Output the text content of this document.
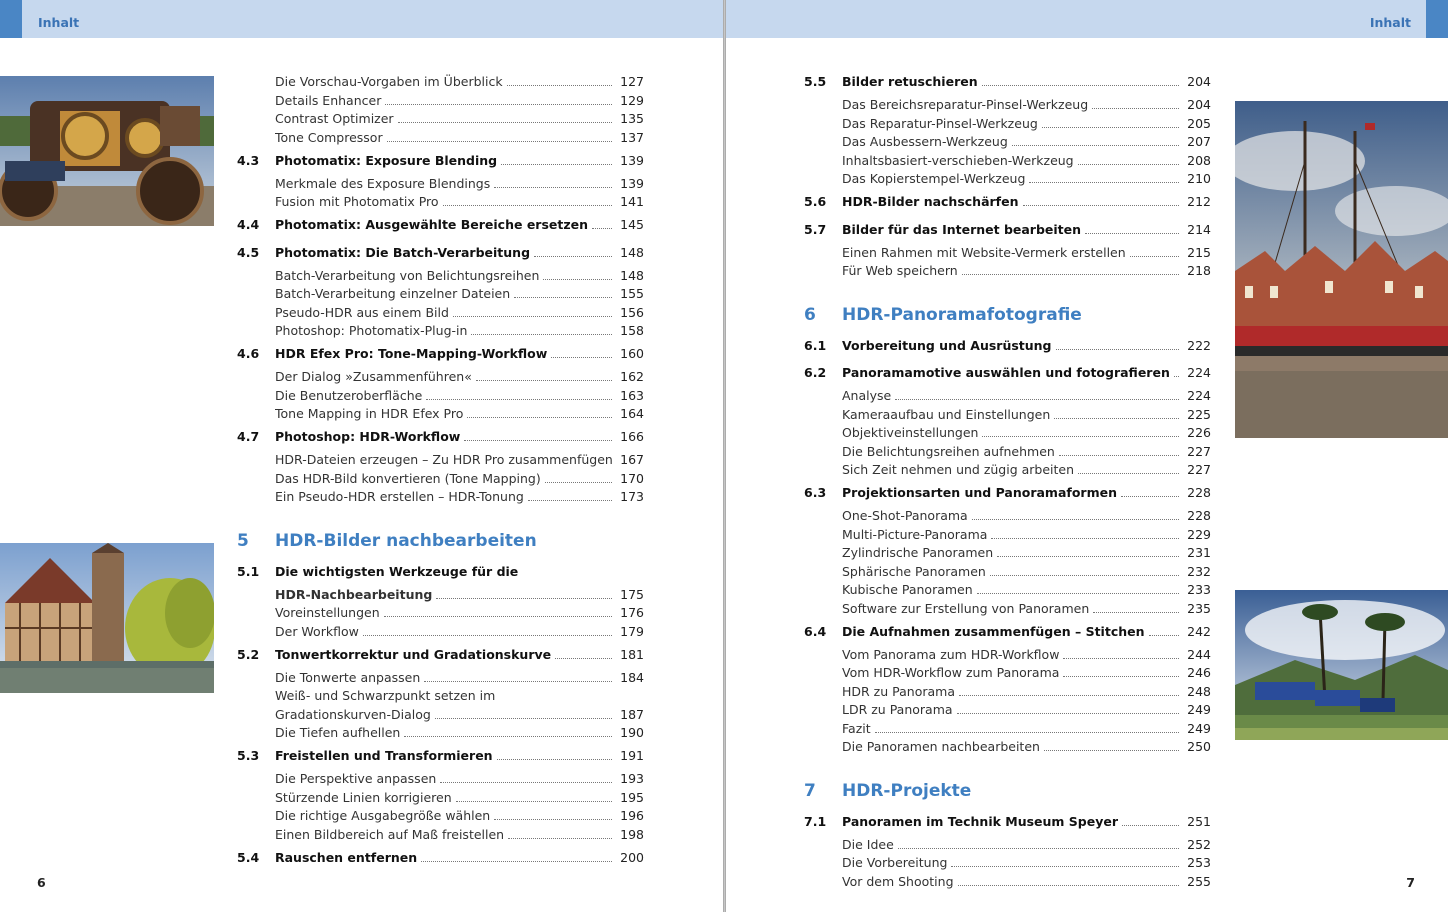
Inhalt
Die Vorschau-Vorgaben im Überblick	127
Details Enhancer	129
Contrast Optimizer	135
Tone Compressor	137
4.3 Photomatix: Exposure Blending	139
Merkmale des Exposure Blendings	139
Fusion mit Photomatix Pro	141
4.4 Photomatix: Ausgewählte Bereiche ersetzen	145
4.5 Photomatix: Die Batch-Verarbeitung	148
Batch-Verarbeitung von Belichtungsreihen	148
Batch-Verarbeitung einzelner Dateien	155
Pseudo-HDR aus einem Bild	156
Photoshop: Photomatix-Plug-in	158
4.6 HDR Efex Pro: Tone-Mapping-Workflow	160
Der Dialog »Zusammenführen«	162
Die Benutzeroberfläche	163
Tone Mapping in HDR Efex Pro	164
4.7 Photoshop: HDR-Workflow	166
HDR-Dateien erzeugen – Zu HDR Pro zusammenfügen 167
Das HDR-Bild konvertieren (Tone Mapping)	170
Ein Pseudo-HDR erstellen – HDR-Tonung	173
5 HDR-Bilder nachbearbeiten
5.1 Die wichtigsten Werkzeuge für die
HDR-Nachbearbeitung	175
Voreinstellungen	176
Der Workflow	179
5.2 Tonwertkorrektur und Gradationskurve	181
Die Tonwerte anpassen	184
Weiß- und Schwarzpunkt setzen im
Gradationskurven-Dialog	187
Die Tiefen aufhellen	190
5.3 Freistellen und Transformieren	191
Die Perspektive anpassen	193
Stürzende Linien korrigieren	195
Die richtige Ausgabegröße wählen	196
Einen Bildbereich auf Maß freistellen	198
5.4 Rauschen entfernen	200
6
Inhalt
5.5 Bilder retuschieren	204
Das Bereichsreparatur-Pinsel-Werkzeug	204
Das Reparatur-Pinsel-Werkzeug	205
Das Ausbessern-Werkzeug	207
Inhaltsbasiert-verschieben-Werkzeug	208
Das Kopierstempel-Werkzeug	210
5.6 HDR-Bilder nachschärfen	212
5.7 Bilder für das Internet bearbeiten	214
Einen Rahmen mit Website-Vermerk erstellen	215
Für Web speichern	218
6 HDR-Panoramafotografie
6.1 Vorbereitung und Ausrüstung	222
6.2 Panoramamotive auswählen und fotografieren 224
Analyse	224
Kameraaufbau und Einstellungen	225
Objektiveinstellungen	226
Die Belichtungsreihen aufnehmen	227
Sich Zeit nehmen und zügig arbeiten	227
6.3 Projektionsarten und Panoramaformen	228
One-Shot-Panorama	228
Multi-Picture-Panorama	229
Zylindrische Panoramen	231
Sphärische Panoramen	232
Kubische Panoramen	233
Software zur Erstellung von Panoramen	235
6.4 Die Aufnahmen zusammenfügen – Stitchen	242
Vom Panorama zum HDR-Workflow	244
Vom HDR-Workflow zum Panorama	246
HDR zu Panorama	248
LDR zu Panorama	249
Fazit	249
Die Panoramen nachbearbeiten	250
7 HDR-Projekte
7.1 Panoramen im Technik Museum Speyer	251
Die Idee	252
Die Vorbereitung	253
Vor dem Shooting	255	7
